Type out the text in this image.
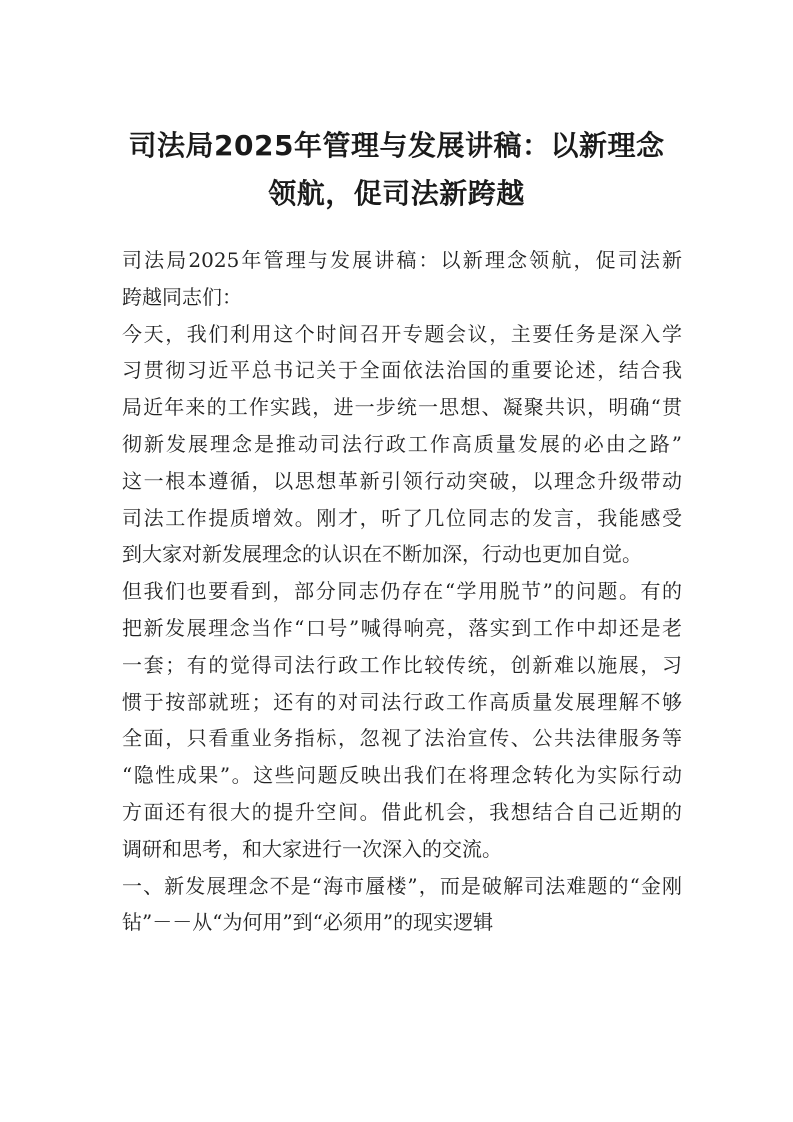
司法局2025年管理与发展讲稿：以新理念
领航，促司法新跨越
司法局2025年管理与发展讲稿：以新理念领航，促司法新
跨越同志们：
今天，我们利用这个时间召开专题会议，主要任务是深入学
习贯彻习近平总书记关于全面依法治国的重要论述，结合我
局近年来的工作实践，进一步统一思想、凝聚共识，明确“贯
彻新发展理念是推动司法行政工作高质量发展的必由之路”
这一根本遵循，以思想革新引领行动突破，以理念升级带动
司法工作提质增效。刚才，听了几位同志的发言，我能感受
到大家对新发展理念的认识在不断加深，行动也更加自觉。
但我们也要看到，部分同志仍存在“学用脱节”的问题。有的
把新发展理念当作“口号”喊得响亮，落实到工作中却还是老
一套；有的觉得司法行政工作比较传统，创新难以施展，习
惯于按部就班；还有的对司法行政工作高质量发展理解不够
全面，只看重业务指标，忽视了法治宣传、公共法律服务等
“隐性成果”。这些问题反映出我们在将理念转化为实际行动
方面还有很大的提升空间。借此机会，我想结合自己近期的
调研和思考，和大家进行一次深入的交流。
一、新发展理念不是“海市蜃楼”，而是破解司法难题的“金刚
钻”－－从“为何用”到“必须用”的现实逻辑
